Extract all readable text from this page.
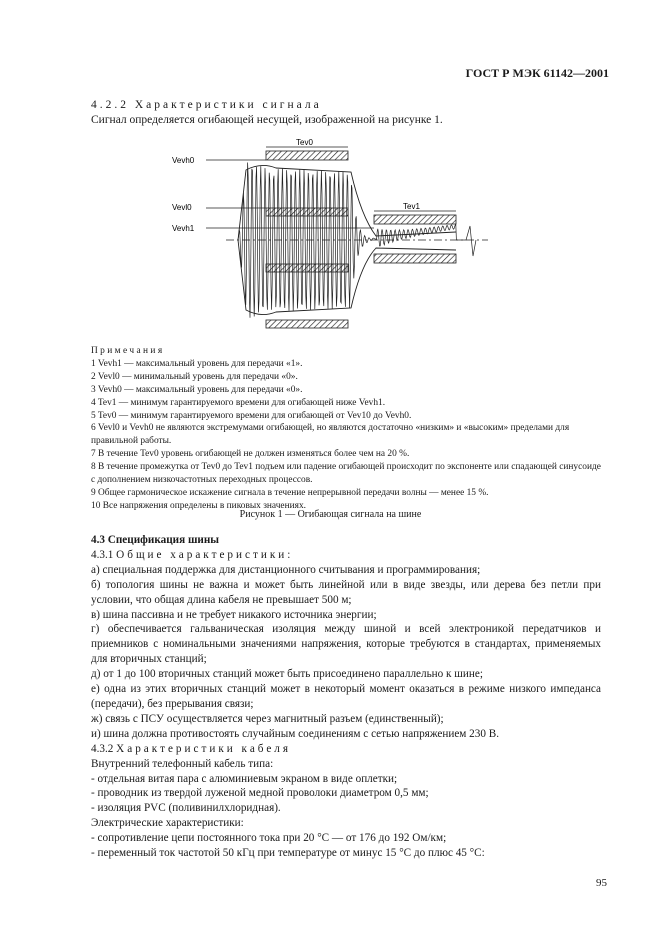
ГОСТ Р МЭК 61142—2001
4.2.2 Характеристики сигнала
Сигнал определяется огибающей несущей, изображенной на рисунке 1.
Tev0
Tev1
Vevh0
Vevl0
Vevh1

Примечания

1 Vevh1 — максимальный уровень для передачи «1».

2 Vevl0 — минимальный уровень для передачи «0».

3 Vevh0 — максимальный уровень для передачи «0».

4 Tev1 — минимум гарантируемого времени для огибающей ниже Vevh1.

5 Tev0 — минимум гарантируемого времени для огибающей от Vev10 до Vevh0.

6 Vevl0 и Vevh0 не являются экстремумами огибающей, но являются достаточно «низким» и «высоким» пределами для правильной работы.

7 В течение Tev0 уровень огибающей не должен изменяться более чем на 20 %.

8 В течение промежутка от Tev0 до Tev1 подъем или падение огибающей происходит по экспоненте или спадающей синусоиде с дополнением низкочастотных переходных процессов.

9 Общее гармоническое искажение сигнала в течение непрерывной передачи волны — менее 15 %.

10 Все напряжения определены в пиковых значениях.

Рисунок 1 — Огибающая сигнала на шине

4.3 Спецификация шины

4.3.1 Общие характеристики:

а) специальная поддержка для дистанционного считывания и программирования;

б) топология шины не важна и может быть линейной или в виде звезды, или дерева без петли при условии, что общая длина кабеля не превышает 500 м;

в) шина пассивна и не требует никакого источника энергии;

г) обеспечивается гальваническая изоляция между шиной и всей электроникой передатчиков и приемников с номинальными значениями напряжения, которые требуются в стандартах, применяемых для вторичных станций;

д) от 1 до 100 вторичных станций может быть присоединено параллельно к шине;

е) одна из этих вторичных станций может в некоторый момент оказаться в режиме низкого импеданса (передачи), без прерывания связи;

ж) связь с ПСУ осуществляется через магнитный разъем (единственный);

и) шина должна противостоять случайным соединениям с сетью напряжением 230 В.

4.3.2 Характеристики кабеля

Внутренний телефонный кабель типа:

- отдельная витая пара с алюминиевым экраном в виде оплетки;

- проводник из твердой луженой медной проволоки диаметром 0,5 мм;

- изоляция PVC (поливинилхлоридная).

Электрические характеристики:

- сопротивление цепи постоянного тока при 20 °С — от 176 до 192 Ом/км;

- переменный ток частотой 50 кГц при температуре от минус 15 °С до плюс 45 °С:

95
